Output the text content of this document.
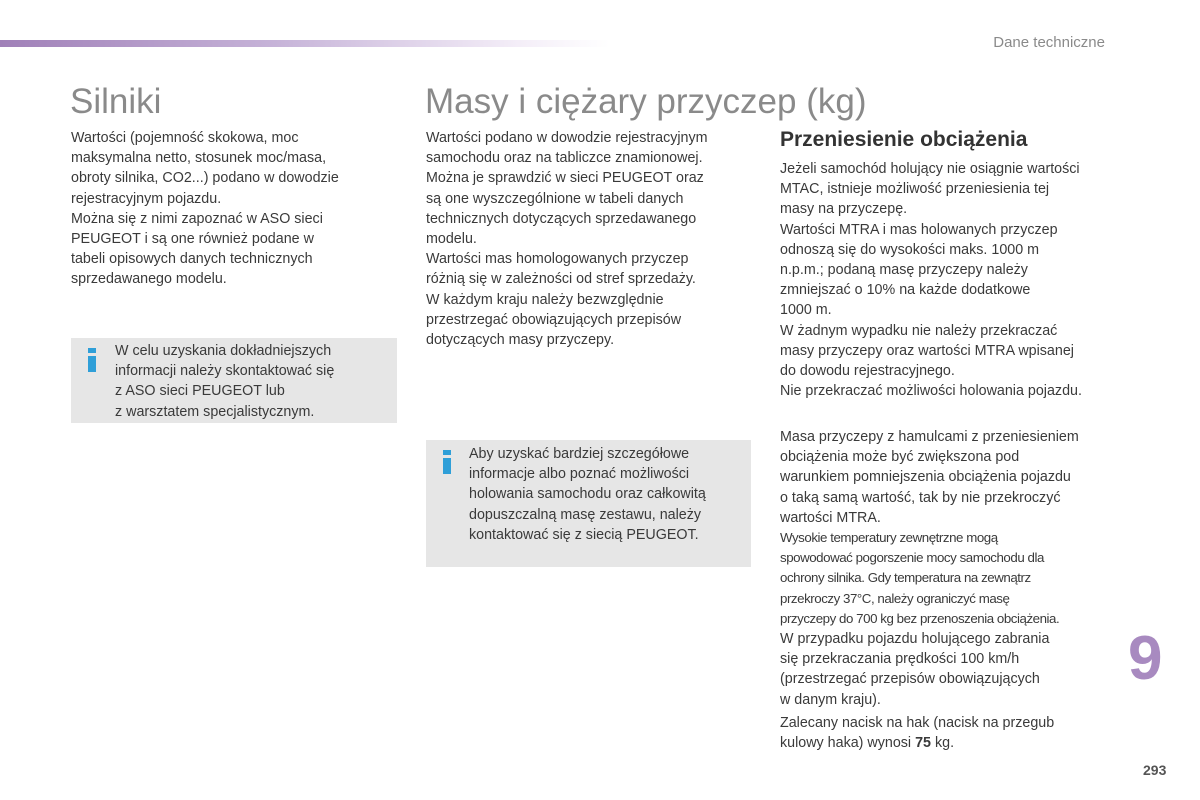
Dane techniczne
Silniki

Wartości (pojemność skokowa, moc

maksymalna netto, stosunek moc/masa,

obroty silnika, CO2...) podano w dowodzie

rejestracyjnym pojazdu.

Można się z nimi zapoznać w ASO sieci

PEUGEOT i są one również podane w

tabeli opisowych danych technicznych

sprzedawanego modelu.

W celu uzyskania dokładniejszych

informacji należy skontaktować się

z ASO sieci PEUGEOT lub

z warsztatem specjalistycznym.

Masy i ciężary przyczep (kg)

Wartości podano w dowodzie rejestracyjnym

samochodu oraz na tabliczce znamionowej.

Można je sprawdzić w sieci PEUGEOT oraz

są one wyszczególnione w tabeli danych

technicznych dotyczących sprzedawanego

modelu.

Wartości mas homologowanych przyczep

różnią się w zależności od stref sprzedaży.

W każdym kraju należy bezwzględnie

przestrzegać obowiązujących przepisów

dotyczących masy przyczepy.

Aby uzyskać bardziej szczegółowe

informacje albo poznać możliwości

holowania samochodu oraz całkowitą

dopuszczalną masę zestawu, należy

kontaktować się z siecią PEUGEOT.

Przeniesienie obciążenia

Jeżeli samochód holujący nie osiągnie wartości

MTAC, istnieje możliwość przeniesienia tej

masy na przyczepę.

Wartości MTRA i mas holowanych przyczep

odnoszą się do wysokości maks. 1000 m

n.p.m.; podaną masę przyczepy należy

zmniejszać o 10% na każde dodatkowe

1000 m.

W żadnym wypadku nie należy przekraczać

masy przyczepy oraz wartości MTRA wpisanej

do dowodu rejestracyjnego.

Nie przekraczać możliwości holowania pojazdu.

Masa przyczepy z hamulcami z przeniesieniem

obciążenia może być zwiększona pod

warunkiem pomniejszenia obciążenia pojazdu

o taką samą wartość, tak by nie przekroczyć

wartości MTRA.

Wysokie temperatury zewnętrzne mogą

spowodować pogorszenie mocy samochodu dla

ochrony silnika. Gdy temperatura na zewnątrz

przekroczy 37°C, należy ograniczyć masę

przyczepy do 700 kg bez przenoszenia obciążenia.

W przypadku pojazdu holującego zabrania

się przekraczania prędkości 100 km/h

(przestrzegać przepisów obowiązujących

w danym kraju).

Zalecany nacisk na hak (nacisk na przegub

kulowy haka) wynosi 75 kg.

9
293
